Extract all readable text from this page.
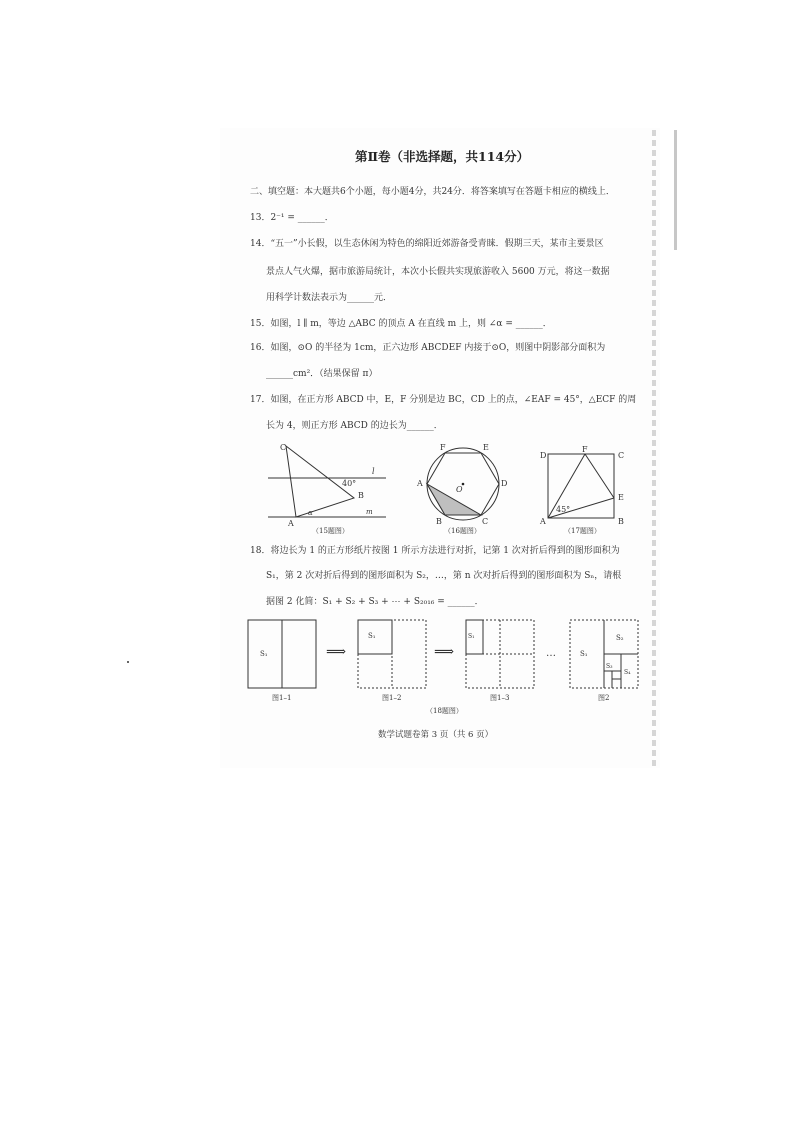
第Ⅱ卷（非选择题，共114分）
二、填空题：本大题共6个小题，每小题4分，共24分．将答案填写在答题卡相应的横线上．
13．2⁻¹ = ______．
14．“五一”小长假，以生态休闲为特色的绵阳近郊游备受青睐．假期三天，某市主要景区
景点人气火爆，据市旅游局统计，本次小长假共实现旅游收入 5600 万元，将这一数据
用科学计数法表示为______元．
15．如图，l ∥ m，等边 △ABC 的顶点 A 在直线 m 上，则 ∠α = ______．
16．如图，⊙O 的半径为 1cm，正六边形 ABCDEF 内接于⊙O，则图中阴影部分面积为
______cm²．（结果保留 π）
17．如图，在正方形 ABCD 中，E，F 分别是边 BC，CD 上的点，∠EAF = 45°，△ECF 的周
长为 4，则正方形 ABCD 的边长为______．
C
B
A
l
m
40°
α
（15题图）
F	E
D
A
B	C
O
（16题图）
D
F
C
E
A	B
45°
（17题图）
18．将边长为 1 的正方形纸片按图 1 所示方法进行对折，记第 1 次对折后得到的图形面积为
S₁，第 2 次对折后得到的图形面积为 S₂，…，第 n 次对折后得到的图形面积为 Sₙ，请根
据图 2 化简：S₁ + S₂ + S₃ + ⋯ + S₂₀₁₆ = ______．
S₁	⟹
S₁
⟹
S₁
…	S₁
S₂
S₃
S₄
图1–1	图1–2	图1–3	图2
（18题图）
数学试题卷第 3 页（共 6 页）
